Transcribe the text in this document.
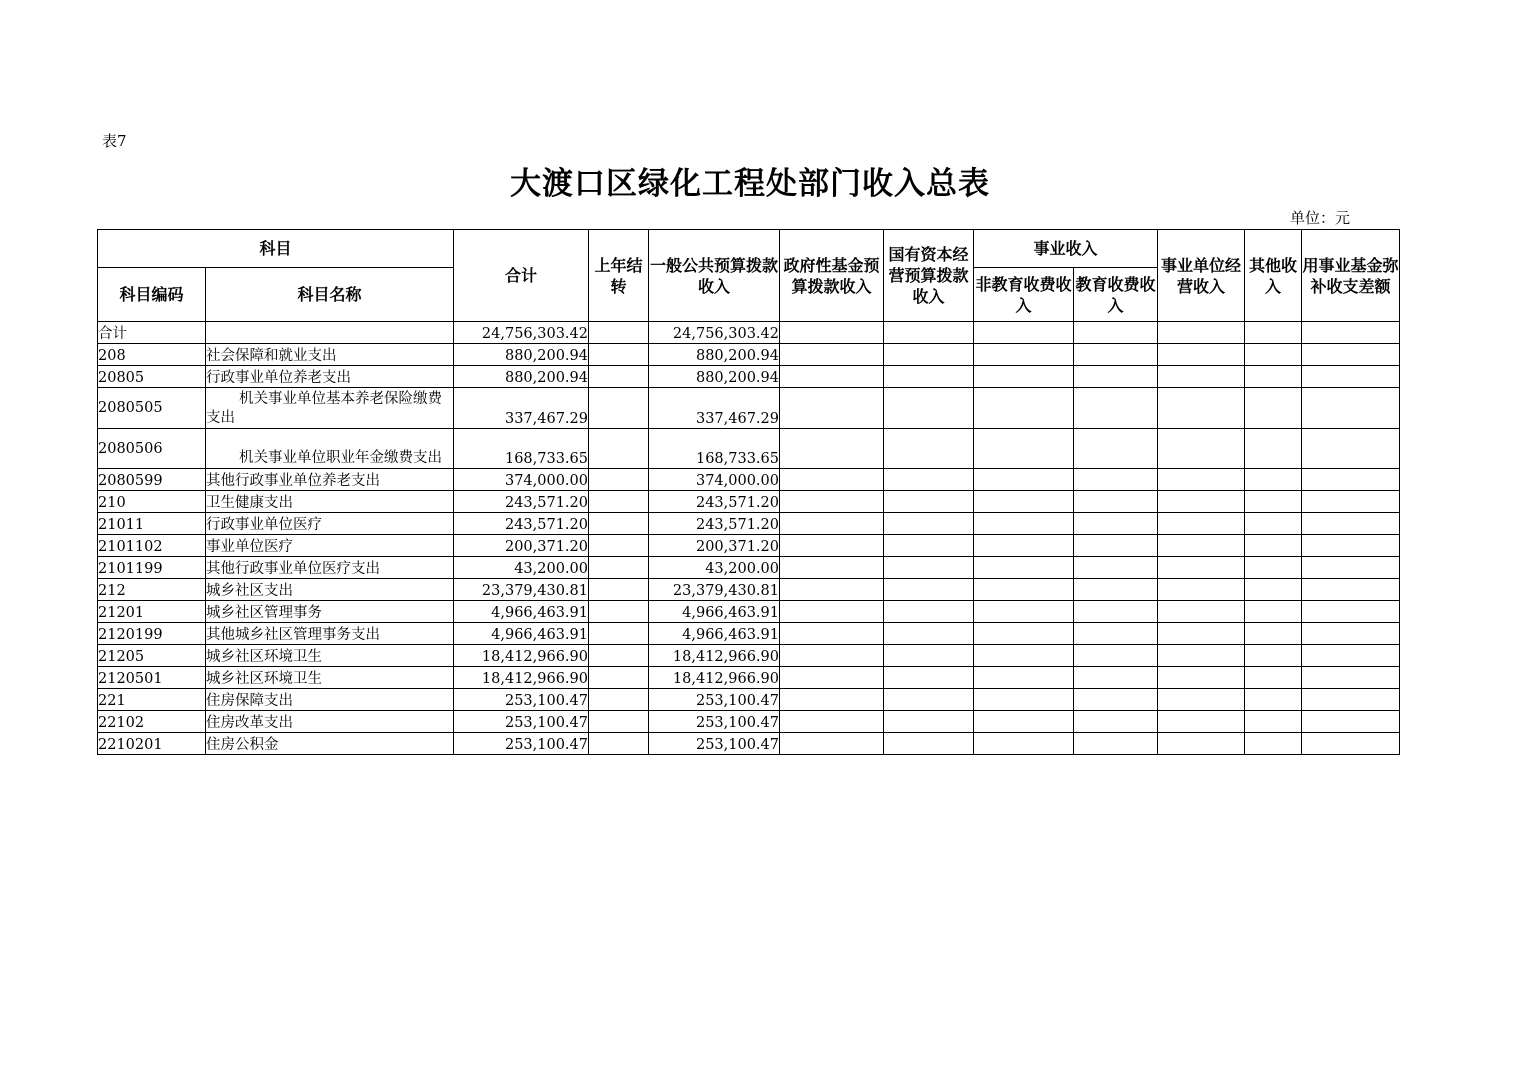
表7
大渡口区绿化工程处部门收入总表
单位：元
科目		合计	上年结转	一般公共预算拨款收入	政府性基金预算拨款收入	国有资本经营预算拨款收入	事业收入		事业单位经营收入	其他收入	用事业基金弥补收支差额
科目编码	科目名称						非教育收费收入	教育收费收入			
合计		24,756,303.42		24,756,303.42							
208	社会保障和就业支出	880,200.94		880,200.94							
20805	行政事业单位养老支出	880,200.94		880,200.94							
2080505	机关事业单位基本养老保险缴费支出	337,467.29		337,467.29							
2080506	机关事业单位职业年金缴费支出	168,733.65		168,733.65							
2080599	其他行政事业单位养老支出	374,000.00		374,000.00							
210	卫生健康支出	243,571.20		243,571.20							
21011	行政事业单位医疗	243,571.20		243,571.20							
2101102	事业单位医疗	200,371.20		200,371.20							
2101199	其他行政事业单位医疗支出	43,200.00		43,200.00							
212	城乡社区支出	23,379,430.81		23,379,430.81							
21201	城乡社区管理事务	4,966,463.91		4,966,463.91							
2120199	其他城乡社区管理事务支出	4,966,463.91		4,966,463.91							
21205	城乡社区环境卫生	18,412,966.90		18,412,966.90							
2120501	城乡社区环境卫生	18,412,966.90		18,412,966.90							
221	住房保障支出	253,100.47		253,100.47							
22102	住房改革支出	253,100.47		253,100.47							
2210201	住房公积金	253,100.47		253,100.47							
